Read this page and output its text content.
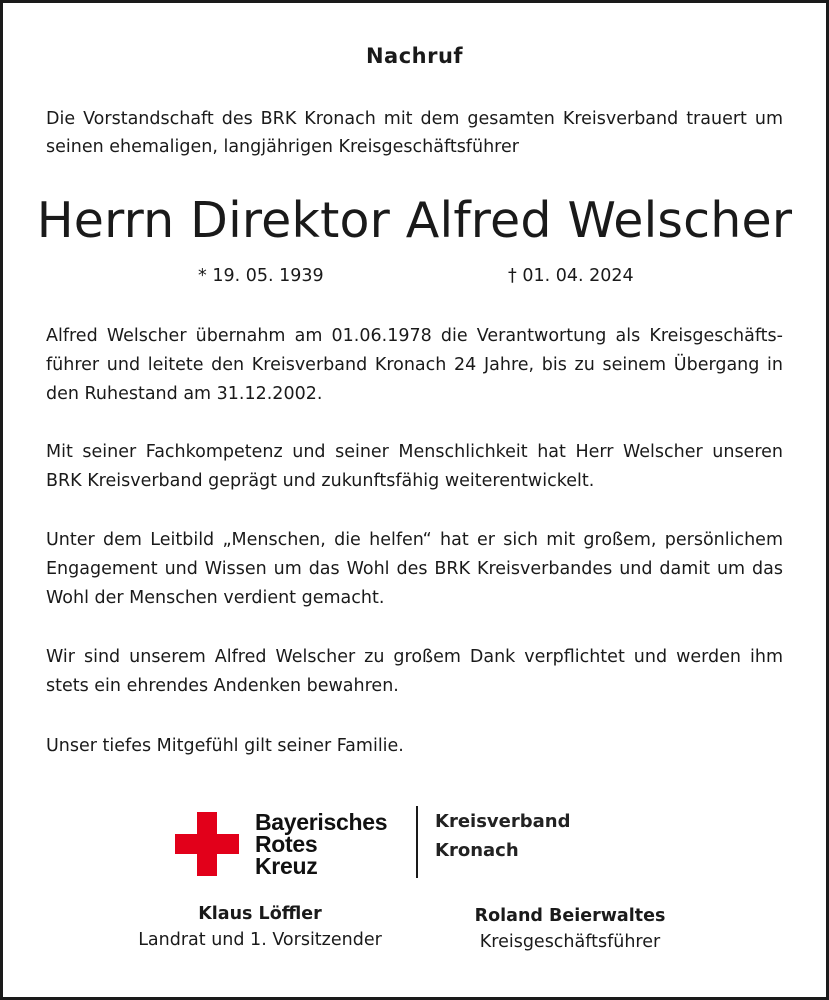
Nachruf
Die Vorstandschaft des BRK Kronach mit dem gesamten Kreisverband trauert um seinen ehemaligen, langjährigen Kreisgeschäftsführer
Herrn Direktor Alfred Welscher
* 19. 05. 1939	† 01. 04. 2024
Alfred Welscher übernahm am 01.06.1978 die Verantwortung als Kreisgeschäftsführer und leitete den Kreisverband Kronach 24 Jahre, bis zu seinem Übergang in den Ruhestand am 31.12.2002.
Mit seiner Fachkompetenz und seiner Menschlichkeit hat Herr Welscher unseren BRK Kreisverband geprägt und zukunftsfähig weiterentwickelt.
Unter dem Leitbild „Menschen, die helfen“ hat er sich mit großem, persönlichem Engagement und Wissen um das Wohl des BRK Kreisverbandes und damit um das Wohl der Menschen verdient gemacht.
Wir sind unserem Alfred Welscher zu großem Dank verpflichtet und werden ihm stets ein ehrendes Andenken bewahren.
Unser tiefes Mitgefühl gilt seiner Familie.
Bayerisches
Rotes
Kreuz
Kreisverband
Kronach
Klaus Löffler
Landrat und 1. Vorsitzender
Roland Beierwaltes
Kreisgeschäftsführer
